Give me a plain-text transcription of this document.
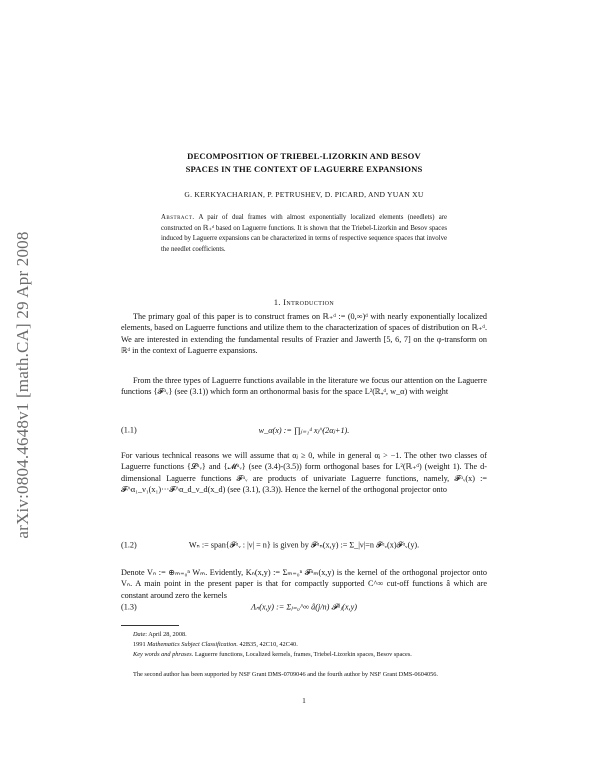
arXiv:0804.4648v1 [math.CA] 29 Apr 2008
DECOMPOSITION OF TRIEBEL-LIZORKIN AND BESOV
SPACES IN THE CONTEXT OF LAGUERRE EXPANSIONS
G. KERKYACHARIAN, P. PETRUSHEV, D. PICARD, AND YUAN XU
Abstract. A pair of dual frames with almost exponentially localized elements (needlets) are constructed on ℝ₊ᵈ based on Laguerre functions. It is shown that the Triebel-Lizorkin and Besov spaces induced by Laguerre expansions can be characterized in terms of respective sequence spaces that involve the needlet coefficients.
1. Introduction

The primary goal of this paper is to construct frames on ℝ₊ᵈ := (0,∞)ᵈ with nearly exponentially localized elements, based on Laguerre functions and utilize them to the characterization of spaces of distribution on ℝ₊ᵈ. We are interested in extending the fundamental results of Frazier and Jawerth [5, 6, 7] on the φ-transform on ℝᵈ in the context of Laguerre expansions.

From the three types of Laguerre functions available in the literature we focus our attention on the Laguerre functions {𝓕ᵅᵥ} (see (3.1)) which form an orthonormal basis for the space L²(ℝ₊ᵈ, w_α) with weight

(1.1)	w_α(x) := ∏ⱼ₌₁ᵈ xⱼ^(2αⱼ+1).

For various technical reasons we will assume that αⱼ ≥ 0, while in general αⱼ > −1. The other two classes of Laguerre functions {𝓛ᵅᵥ} and {𝓜ᵅᵥ} (see (3.4)-(3.5)) form orthogonal bases for L²(ℝ₊ᵈ) (weight 1). The d-dimensional Laguerre functions 𝓕ᵅᵥ are products of univariate Laguerre functions, namely, 𝓕ᵅᵥ(x) := 𝓕^α₁_ν₁(x₁)···𝓕^α_d_ν_d(x_d) (see (3.1), (3.3)). Hence the kernel of the orthogonal projector onto

(1.2)	Wₙ := span{𝓕ᵅᵥ : |ν| = n} is given by 𝓕ᵅₙ(x,y) := Σ_|ν|=n 𝓕ᵅᵥ(x)𝓕ᵅᵥ(y).

Denote Vₙ := ⊕ₘ₌₀ⁿ Wₘ. Evidently, Kₙ(x,y) := Σₘ₌₀ⁿ 𝓕ᵅₘ(x,y) is the kernel of the orthogonal projector onto Vₙ. A main point in the present paper is that for compactly supported C^∞ cut-off functions â which are constant around zero the kernels

(1.3)	Λₙ(x,y) := Σⱼ₌₀^∞ â(j/n) 𝓕ᵅⱼ(x,y)
Date: April 28, 2008.
1991 Mathematics Subject Classification. 42B35, 42C10, 42C40.
Key words and phrases. Laguerre functions, Localized kernels, frames, Triebel-Lizorkin spaces, Besov spaces.
The second author has been supported by NSF Grant DMS-0709046 and the fourth author by NSF Grant DMS-0604056.
1
